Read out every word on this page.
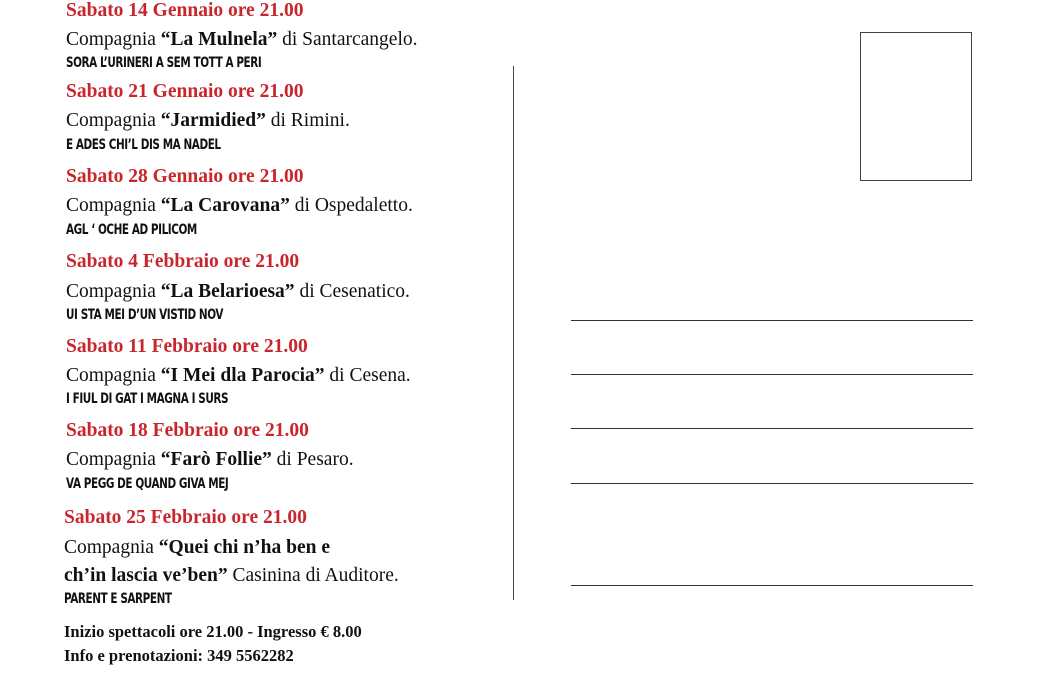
Sabato 14 Gennaio ore 21.00
Compagnia “La Mulnela” di Santarcangelo.
SORA L’URINERI A SEM TOTT A PERI
Sabato 21 Gennaio ore 21.00
Compagnia “Jarmidied” di Rimini.
E ADES CHI’L DIS MA NADEL
Sabato 28 Gennaio ore 21.00
Compagnia “La Carovana” di Ospedaletto.
AGL ‘ OCHE AD PILICOM
Sabato 4 Febbraio ore 21.00
Compagnia “La Belarioesa” di Cesenatico.
UI STA MEI D’UN VISTID NOV
Sabato 11 Febbraio ore 21.00
Compagnia “I Mei dla Parocia” di Cesena.
I FIUL DI GAT I MAGNA I SURS
Sabato 18 Febbraio ore 21.00
Compagnia “Farò Follie” di Pesaro.
VA PEGG DE QUAND GIVA MEJ
Sabato 25 Febbraio ore 21.00
Compagnia “Quei chi n’ha ben e
ch’in lascia ve’ben” Casinina di Auditore.
PARENT E SARPENT
Inizio spettacoli ore 21.00 - Ingresso € 8.00
Info e prenotazioni: 349 5562282
